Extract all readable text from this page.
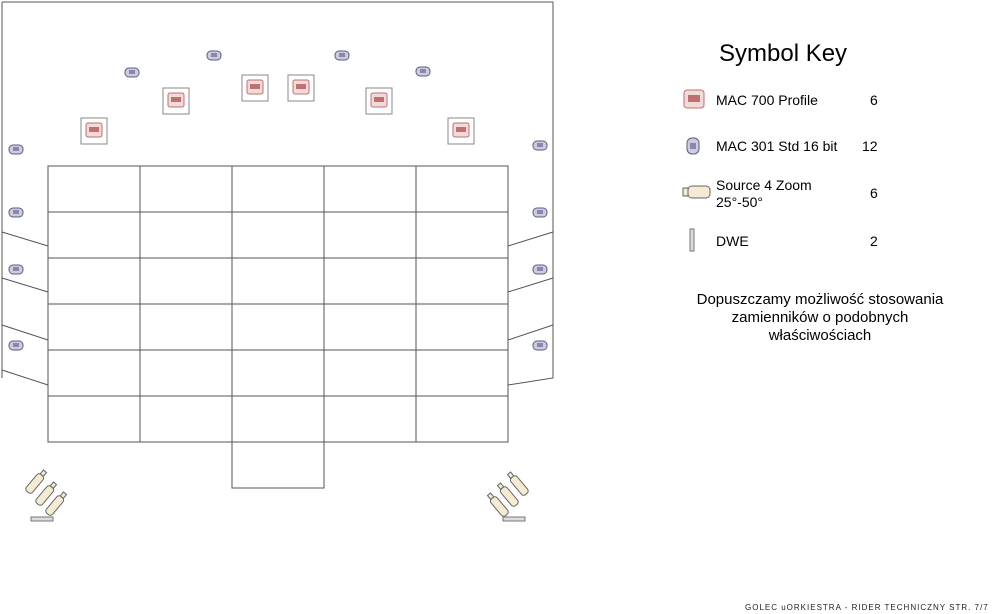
Symbol Key
MAC 700 Profile	6
MAC 301 Std 16 bit 12
Source 4 Zoom
25°-50°
6
DWE	2
Dopuszczamy możliwość stosowania
zamienników o podobnych
właściwościach
GOLEC uORKIESTRA - RIDER TECHNICZNY STR. 7/7
